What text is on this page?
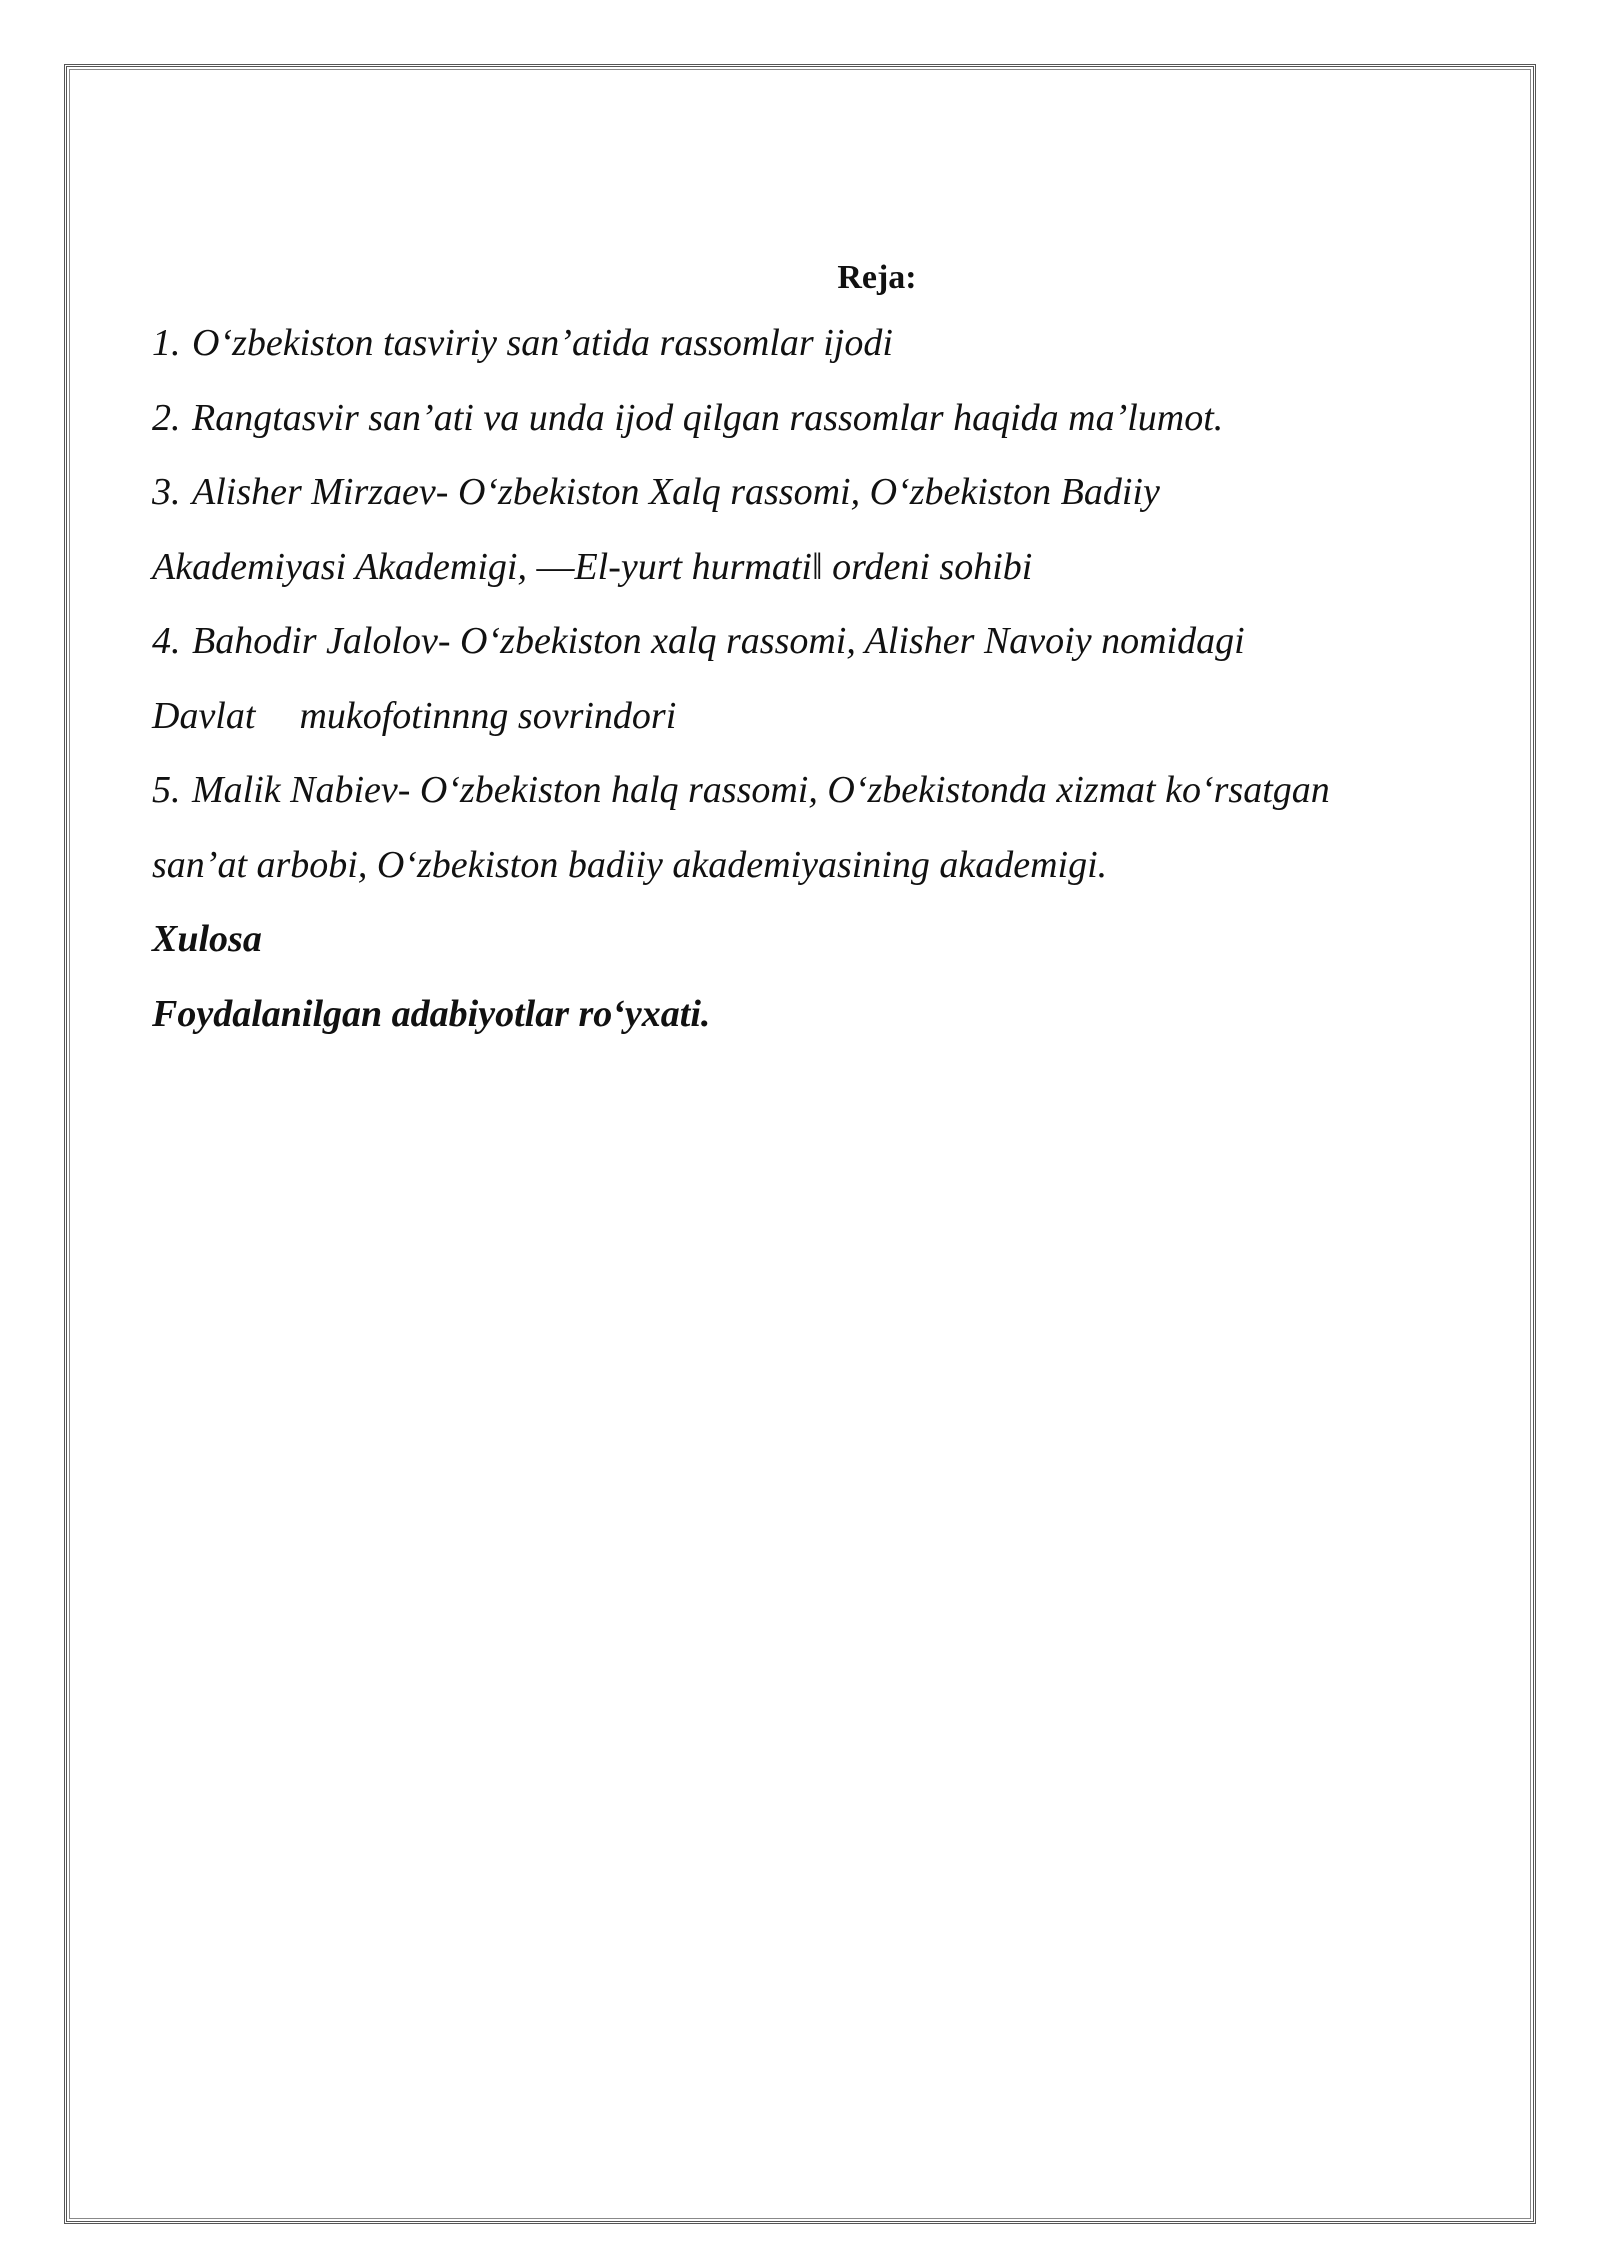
Reja:
1. O‘zbekiston tasviriy san’atida rassomlar ijodi
2. Rangtasvir san’ati va unda ijod qilgan rassomlar haqida ma’lumot.
3. Alisher Mirzaev- O‘zbekiston Xalq rassomi, O‘zbekiston Badiiy
Akademiyasi Akademigi, ―El-yurt hurmati‖ ordeni sohibi
4. Bahodir Jalolov- O‘zbekiston xalq rassomi, Alisher Navoiy nomidagi
Davlat mukofotinnng sovrindori
5. Malik Nabiev- O‘zbekiston halq rassomi, O‘zbekistonda xizmat ko‘rsatgan
san’at arbobi, O‘zbekiston badiiy akademiyasining akademigi.
Xulosa
Foydalanilgan adabiyotlar ro‘yxati.
